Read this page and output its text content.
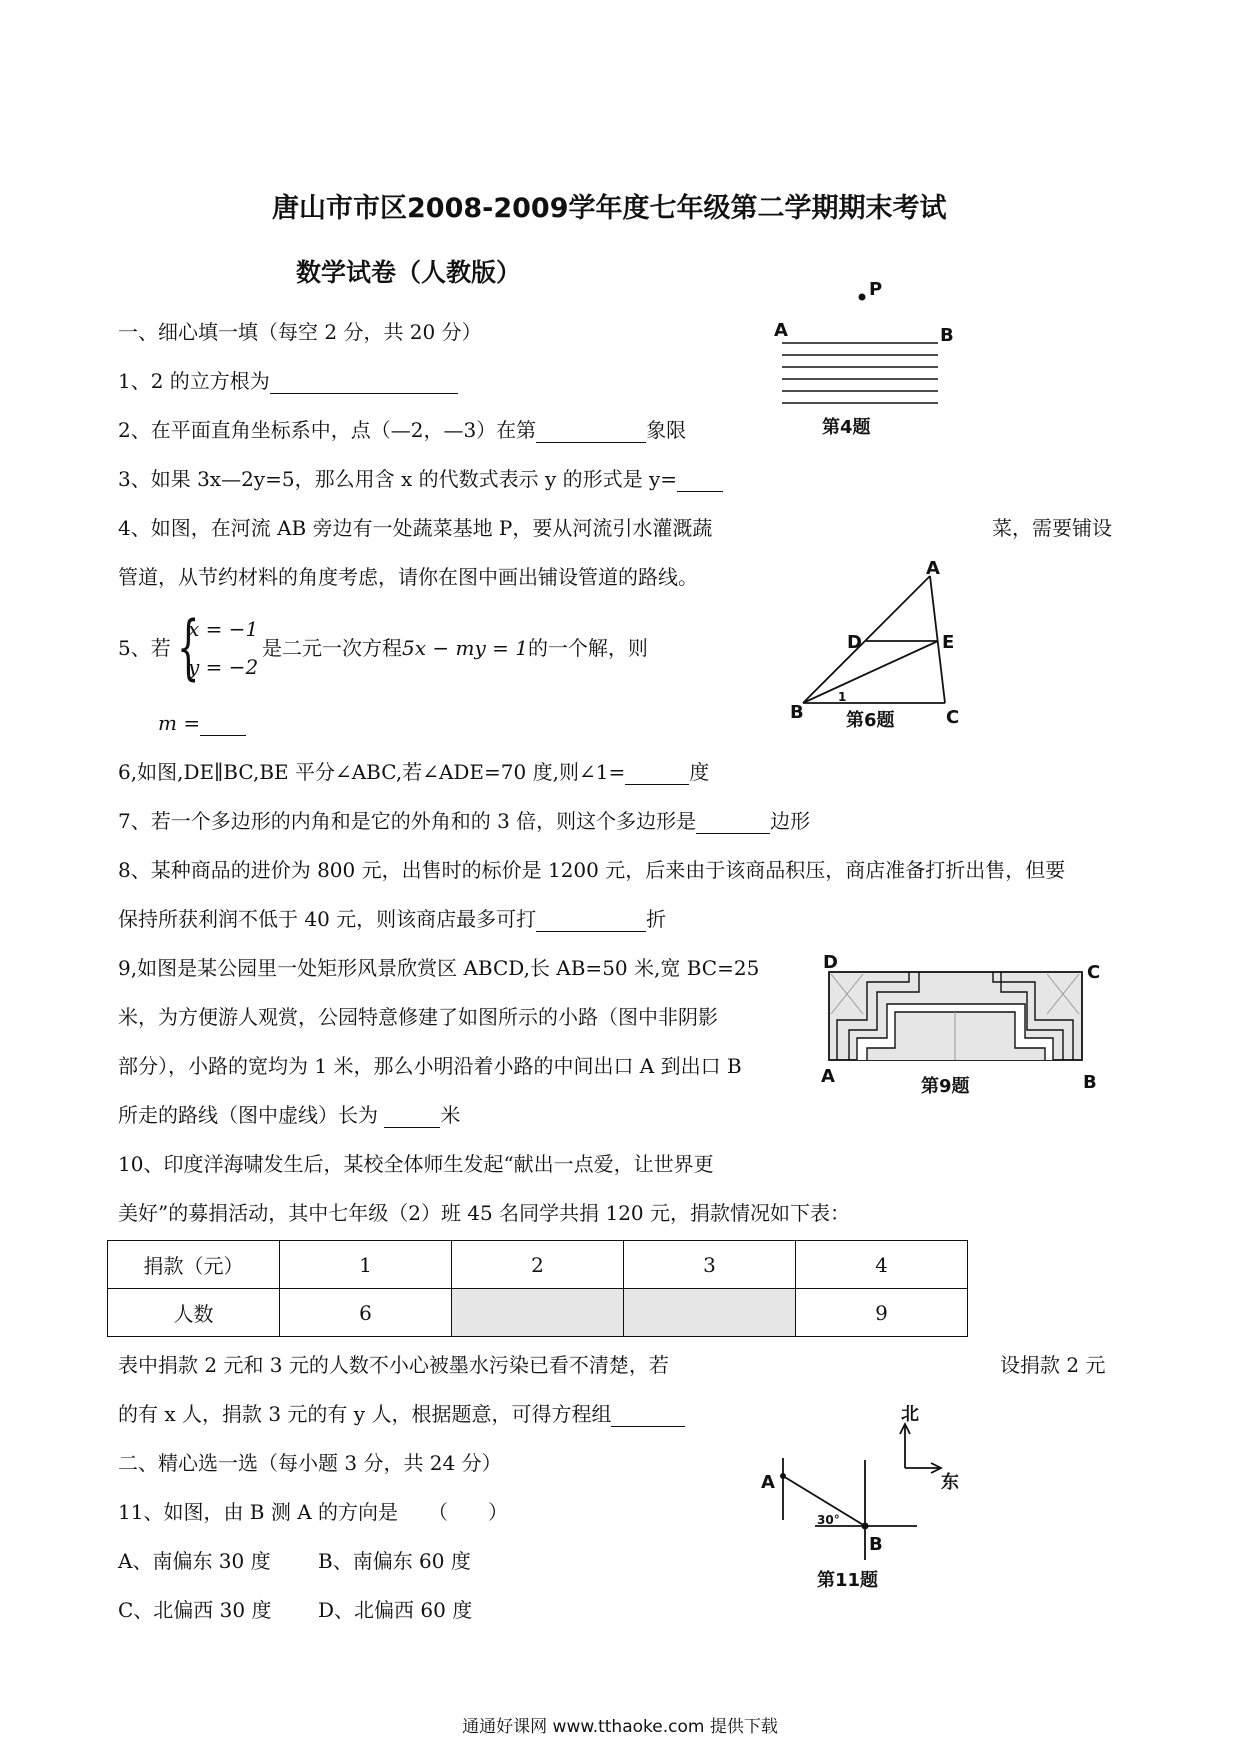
唐山市市区2008-2009学年度七年级第二学期期末考试
数学试卷（人教版）
一、细心填一填（每空 2 分，共 20 分）
1、2 的立方根为
2、在平面直角坐标系中，点（—2，—3）在第	象限
3、如果 3x—2y=5，那么用含 x 的代数式表示 y 的形式是 y=
4、如图，在河流 AB 旁边有一处蔬菜基地 P，要从河流引水灌溉蔬	菜，需要铺设
管道，从节约材料的角度考虑，请你在图中画出铺设管道的路线。
5、若 {
x = −1
y = −2
是二元一次方程5x − my = 1的一个解，则
m =
6,如图,DE∥BC,BE 平分∠ABC,若∠ADE=70 度,则∠1=	度
7、若一个多边形的内角和是它的外角和的 3 倍，则这个多边形是	边形
8、某种商品的进价为 800 元，出售时的标价是 1200 元，后来由于该商品积压，商店准备打折出售，但要
保持所获利润不低于 40 元，则该商店最多可打	折
9,如图是某公园里一处矩形风景欣赏区 ABCD,长 AB=50 米,宽 BC=25
米，为方便游人观赏，公园特意修建了如图所示的小路（图中非阴影
部分），小路的宽均为 1 米，那么小明沿着小路的中间出口 A 到出口 B
所走的路线（图中虚线）长为	米
10、印度洋海啸发生后，某校全体师生发起“献出一点爱，让世界更
美好”的募捐活动，其中七年级（2）班 45 名同学共捐 120 元，捐款情况如下表：
捐款（元）	1	2	3	4
人数	6			9
表中捐款 2 元和 3 元的人数不小心被墨水污染已看不清楚，若	设捐款 2 元
的有 x 人，捐款 3 元的有 y 人，根据题意，可得方程组
二、精心选一选（每小题 3 分，共 24 分）
11、如图，由 B 测 A 的方向是　　（　　）
A、南偏东 30 度 B、南偏东 60 度
C、北偏西 30 度 D、北偏西 60 度
P
A	B
第4题
A
D	E
B	C
1
第6题
D	C
A	B
第9题
北
东
A
B
30°
第11题
通通好课网 www.tthaoke.com 提供下载
